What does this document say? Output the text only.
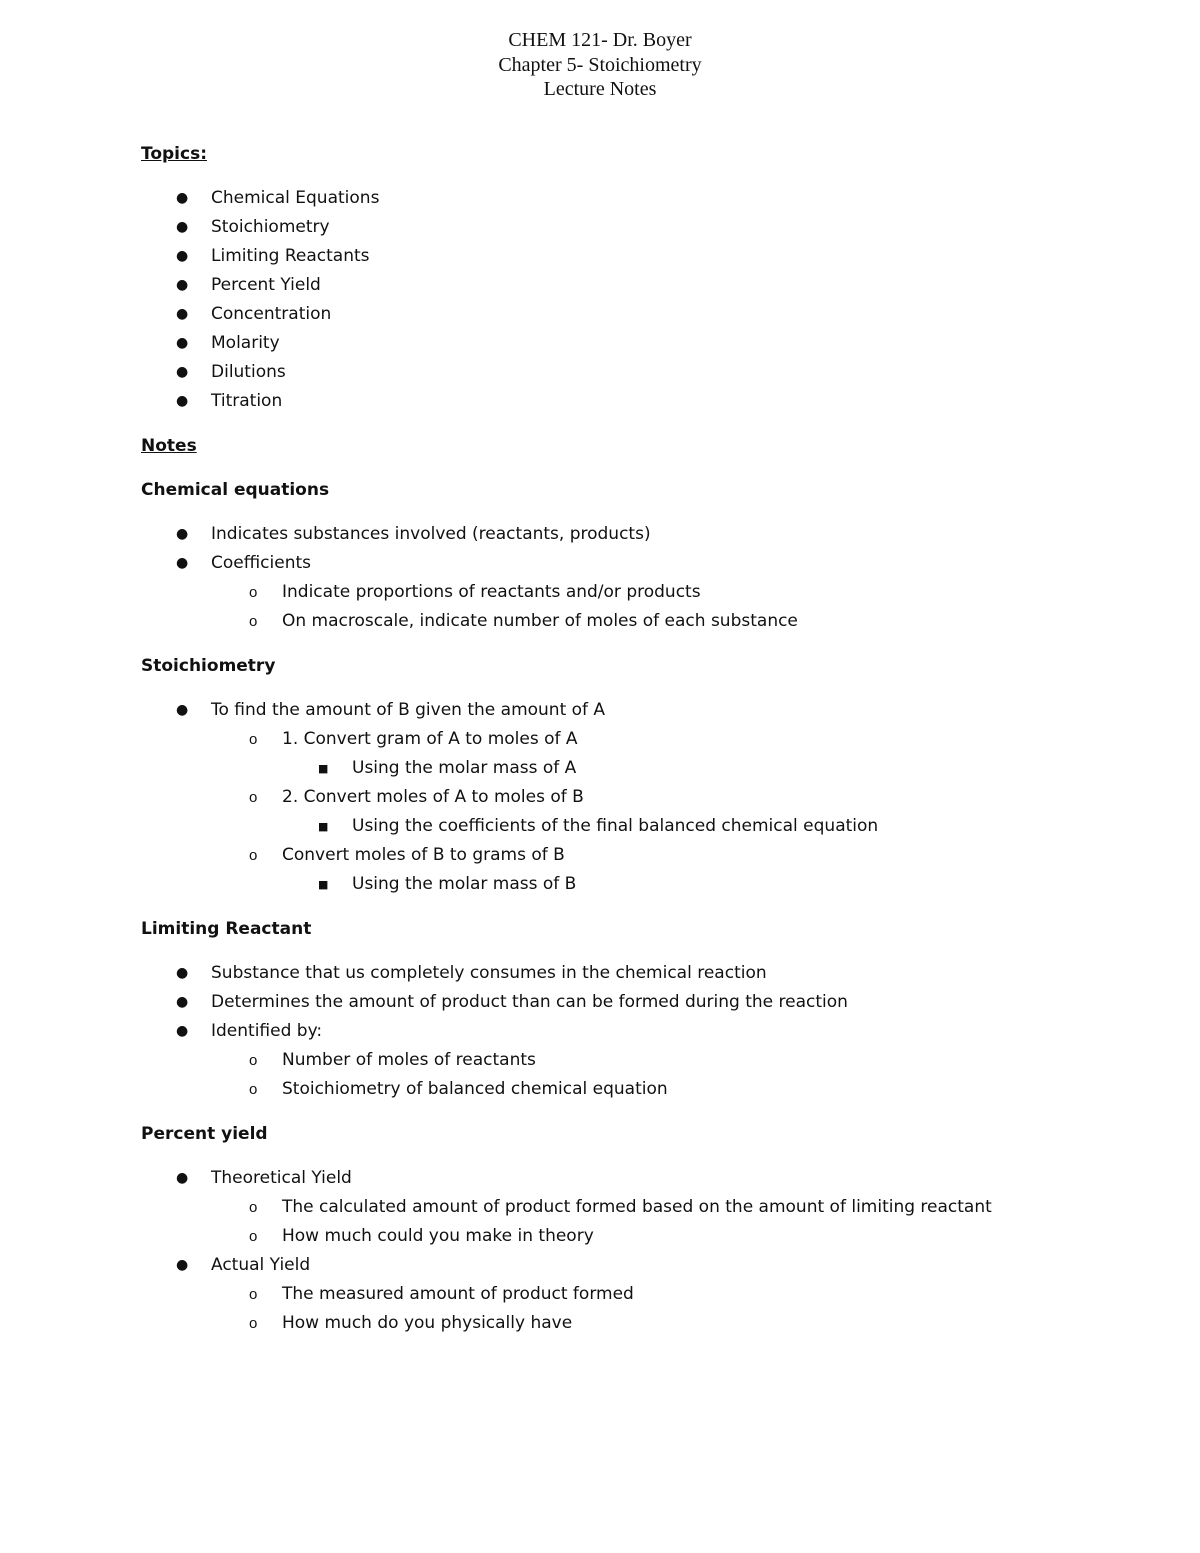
CHEM 121- Dr. Boyer
Chapter 5- Stoichiometry
Lecture Notes
Topics:
● Chemical Equations
● Stoichiometry
● Limiting Reactants
● Percent Yield
● Concentration
● Molarity
● Dilutions
● Titration
Notes
Chemical equations
● Indicates substances involved (reactants, products)
● Coefficients
o Indicate proportions of reactants and/or products
o On macroscale, indicate number of moles of each substance
Stoichiometry
● To find the amount of B given the amount of A
o 1. Convert gram of A to moles of A
■ Using the molar mass of A
o 2. Convert moles of A to moles of B
■ Using the coefficients of the final balanced chemical equation
o Convert moles of B to grams of B
■ Using the molar mass of B
Limiting Reactant
● Substance that us completely consumes in the chemical reaction
● Determines the amount of product than can be formed during the reaction
● Identified by:
o Number of moles of reactants
o Stoichiometry of balanced chemical equation
Percent yield
● Theoretical Yield
o The calculated amount of product formed based on the amount of limiting reactant
o How much could you make in theory
● Actual Yield
o The measured amount of product formed
o How much do you physically have
